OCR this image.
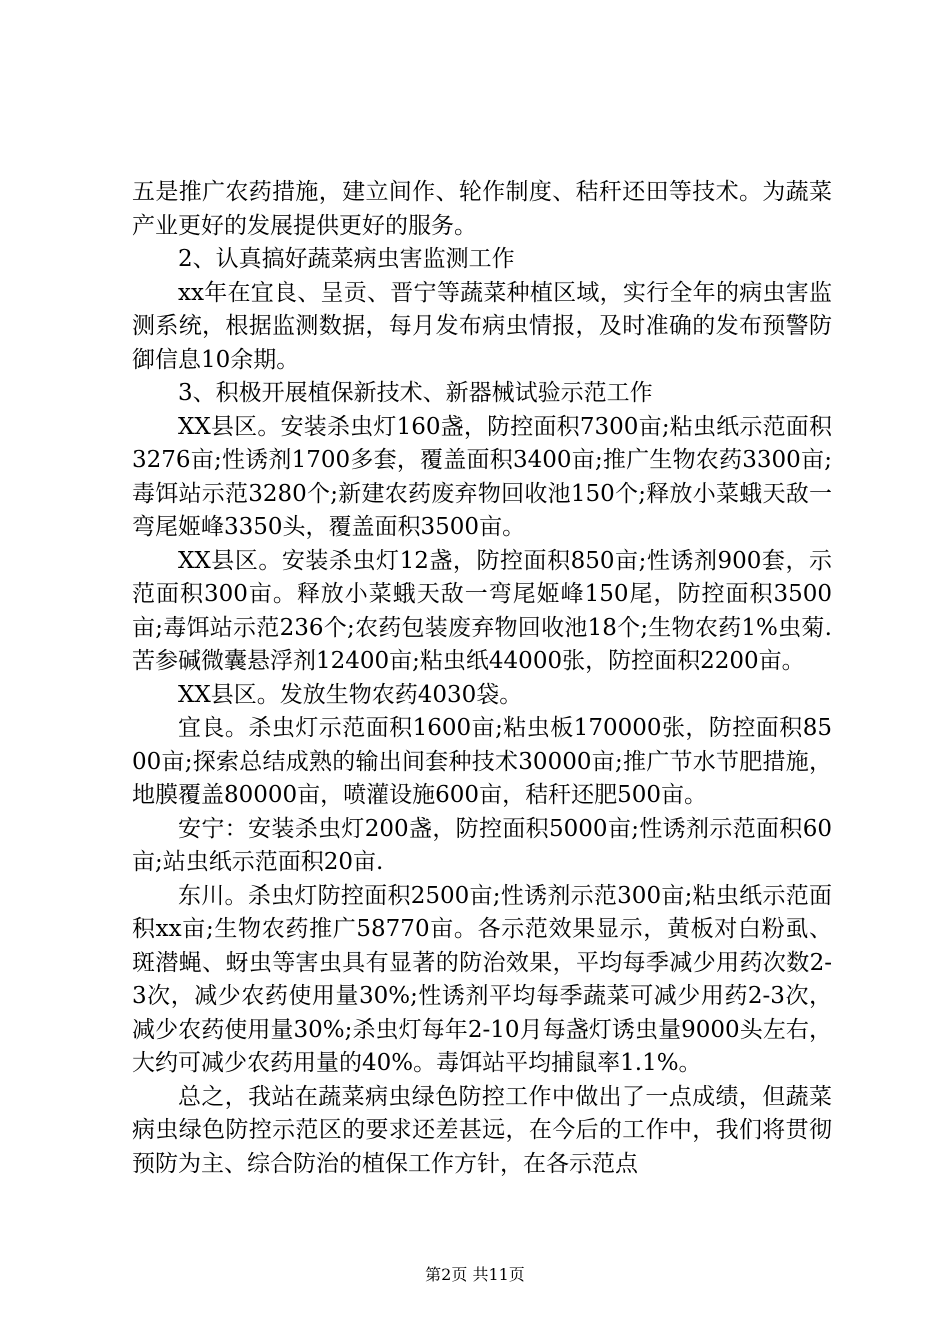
五是推广农药措施，建立间作、轮作制度、秸秆还田等技术。为蔬菜产业更好的发展提供更好的服务。

2、认真搞好蔬菜病虫害监测工作

xx年在宜良、呈贡、晋宁等蔬菜种植区域，实行全年的病虫害监测系统，根据监测数据，每月发布病虫情报，及时准确的发布预警防御信息10余期。

3、积极开展植保新技术、新器械试验示范工作

XX县区。安装杀虫灯160盏，防控面积7300亩;粘虫纸示范面积3276亩;性诱剂1700多套，覆盖面积3400亩;推广生物农药3300亩;毒饵站示范3280个;新建农药废弃物回收池150个;释放小菜蛾天敌一弯尾姬峰3350头，覆盖面积3500亩。

XX县区。安装杀虫灯12盏，防控面积850亩;性诱剂900套，示范面积300亩。释放小菜蛾天敌一弯尾姬峰150尾，防控面积3500亩;毒饵站示范236个;农药包装废弃物回收池18个;生物农药1%虫菊.苦参碱微囊悬浮剂12400亩;粘虫纸44000张，防控面积2200亩。

XX县区。发放生物农药4030袋。

宜良。杀虫灯示范面积1600亩;粘虫板170000张，防控面积8500亩;探索总结成熟的输出间套种技术30000亩;推广节水节肥措施，地膜覆盖80000亩，喷灌设施600亩，秸秆还肥500亩。

安宁：安装杀虫灯200盏，防控面积5000亩;性诱剂示范面积60亩;站虫纸示范面积20亩.

东川。杀虫灯防控面积2500亩;性诱剂示范300亩;粘虫纸示范面积xx亩;生物农药推广58770亩。各示范效果显示，黄板对白粉虱、斑潜蝇、蚜虫等害虫具有显著的防治效果，平均每季减少用药次数2-3次，减少农药使用量30%;性诱剂平均每季蔬菜可减少用药2-3次，减少农药使用量30%;杀虫灯每年2-10月每盏灯诱虫量9000头左右，大约可减少农药用量的40%。毒饵站平均捕鼠率1.1%。

总之，我站在蔬菜病虫绿色防控工作中做出了一点成绩，但蔬菜病虫绿色防控示范区的要求还差甚远，在今后的工作中，我们将贯彻预防为主、综合防治的植保工作方针，在各示范点

第2页 共11页
